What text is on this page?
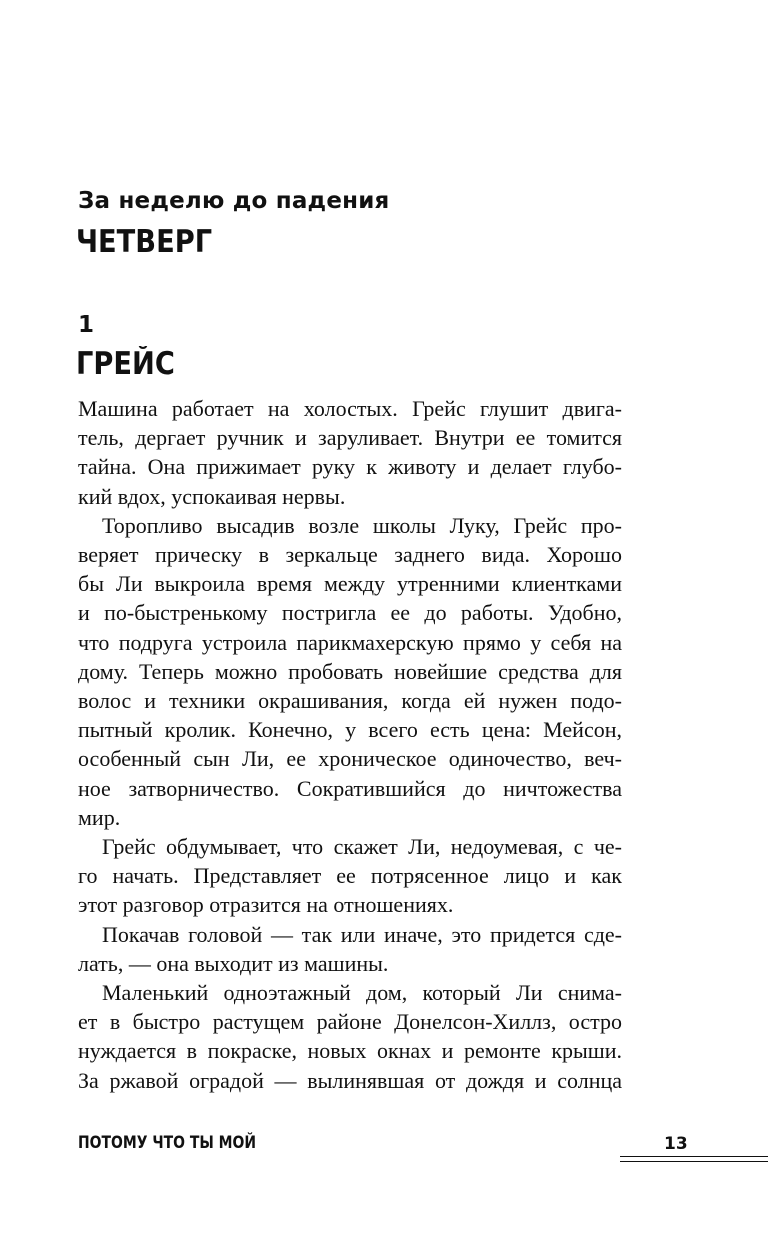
За неделю до падения
ЧЕТВЕРГ
1
ГРЕЙС
Машина работает на холостых. Грейс глушит двига-
тель, дергает ручник и заруливает. Внутри ее томится
тайна. Она прижимает руку к животу и делает глубо-
кий вдох, успокаивая нервы.
Торопливо высадив возле школы Луку, Грейс про-
веряет прическу в зеркальце заднего вида. Хорошо
бы Ли выкроила время между утренними клиентками
и по-быстренькому постригла ее до работы. Удобно,
что подруга устроила парикмахерскую прямо у себя на
дому. Теперь можно пробовать новейшие средства для
волос и техники окрашивания, когда ей нужен подо-
пытный кролик. Конечно, у всего есть цена: Мейсон,
особенный сын Ли, ее хроническое одиночество, веч-
ное затворничество. Сократившийся до ничтожества
мир.
Грейс обдумывает, что скажет Ли, недоумевая, с че-
го начать. Представляет ее потрясенное лицо и как
этот разговор отразится на отношениях.
Покачав головой — так или иначе, это придется сде-
лать, — она выходит из машины.
Маленький одноэтажный дом, который Ли снима-
ет в быстро растущем районе Донелсон-Хиллз, остро
нуждается в покраске, новых окнах и ремонте крыши.
За ржавой оградой — вылинявшая от дождя и солнца
ПОТОМУ ЧТО ТЫ МОЙ	13
